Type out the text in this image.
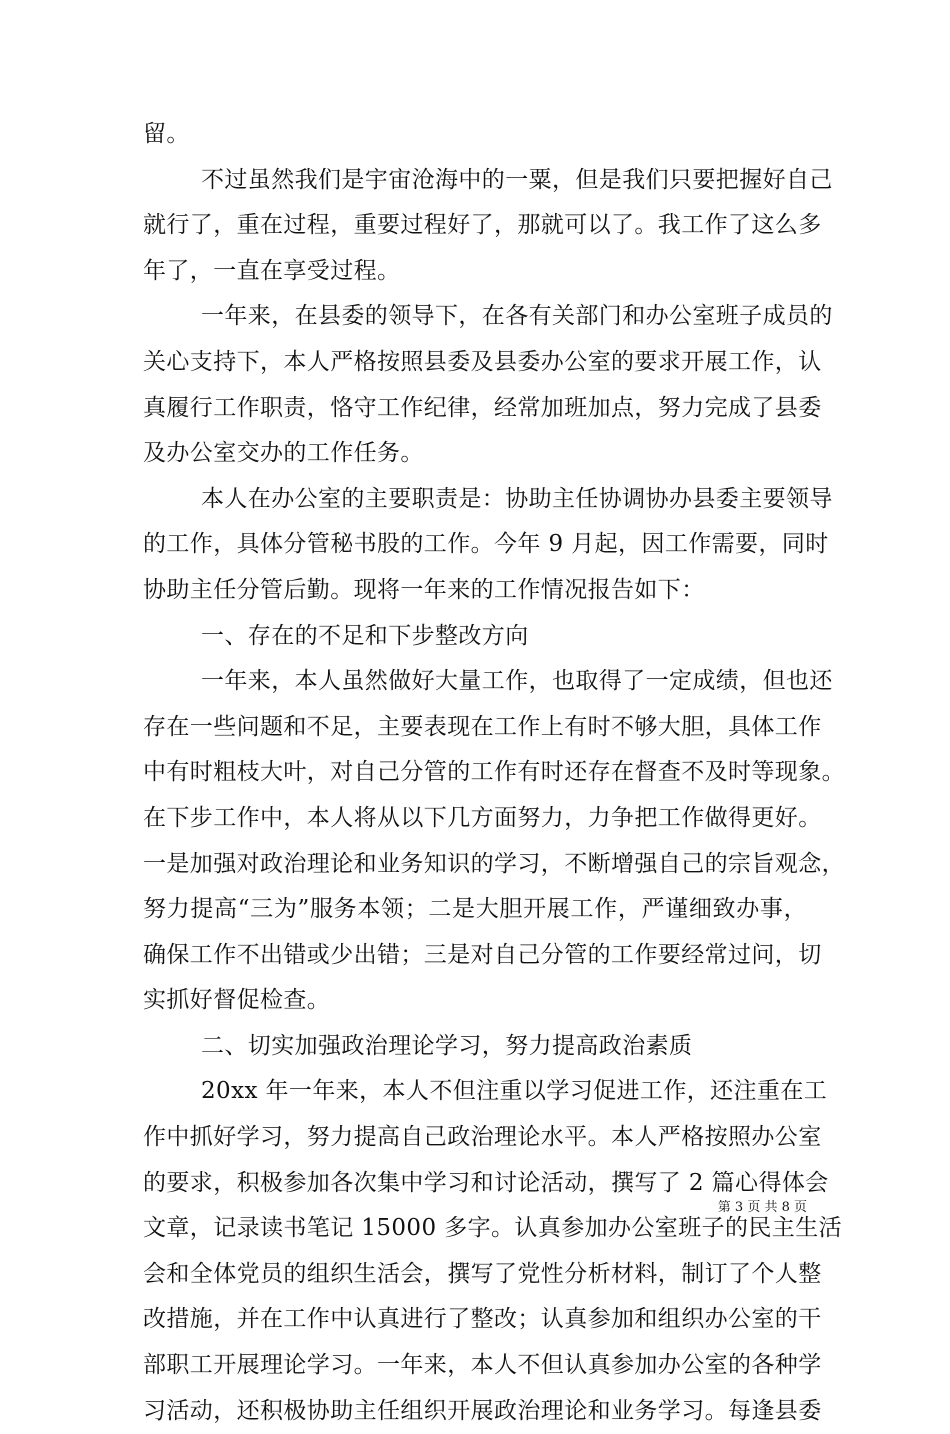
留。
不过虽然我们是宇宙沧海中的一粟，但是我们只要把握好自己
就行了，重在过程，重要过程好了，那就可以了。我工作了这么多
年了，一直在享受过程。
一年来，在县委的领导下，在各有关部门和办公室班子成员的
关心支持下，本人严格按照县委及县委办公室的要求开展工作，认
真履行工作职责，恪守工作纪律，经常加班加点，努力完成了县委
及办公室交办的工作任务。
本人在办公室的主要职责是：协助主任协调协办县委主要领导
的工作，具体分管秘书股的工作。今年 9 月起，因工作需要，同时
协助主任分管后勤。现将一年来的工作情况报告如下：
一、存在的不足和下步整改方向
一年来，本人虽然做好大量工作，也取得了一定成绩，但也还
存在一些问题和不足，主要表现在工作上有时不够大胆，具体工作
中有时粗枝大叶，对自己分管的工作有时还存在督查不及时等现象。
在下步工作中，本人将从以下几方面努力，力争把工作做得更好。
一是加强对政治理论和业务知识的学习，不断增强自己的宗旨观念，
努力提高“三为”服务本领；二是大胆开展工作，严谨细致办事，
确保工作不出错或少出错；三是对自己分管的工作要经常过问，切
实抓好督促检查。
二、切实加强政治理论学习，努力提高政治素质
20xx 年一年来，本人不但注重以学习促进工作，还注重在工
作中抓好学习，努力提高自己政治理论水平。本人严格按照办公室
的要求，积极参加各次集中学习和讨论活动，撰写了 2 篇心得体会
文章，记录读书笔记 15000 多字。认真参加办公室班子的民主生活
会和全体党员的组织生活会，撰写了党性分析材料，制订了个人整
改措施，并在工作中认真进行了整改；认真参加和组织办公室的干
部职工开展理论学习。一年来，本人不但认真参加办公室的各种学
习活动，还积极协助主任组织开展政治理论和业务学习。每逢县委
第 3 页 共 8 页
